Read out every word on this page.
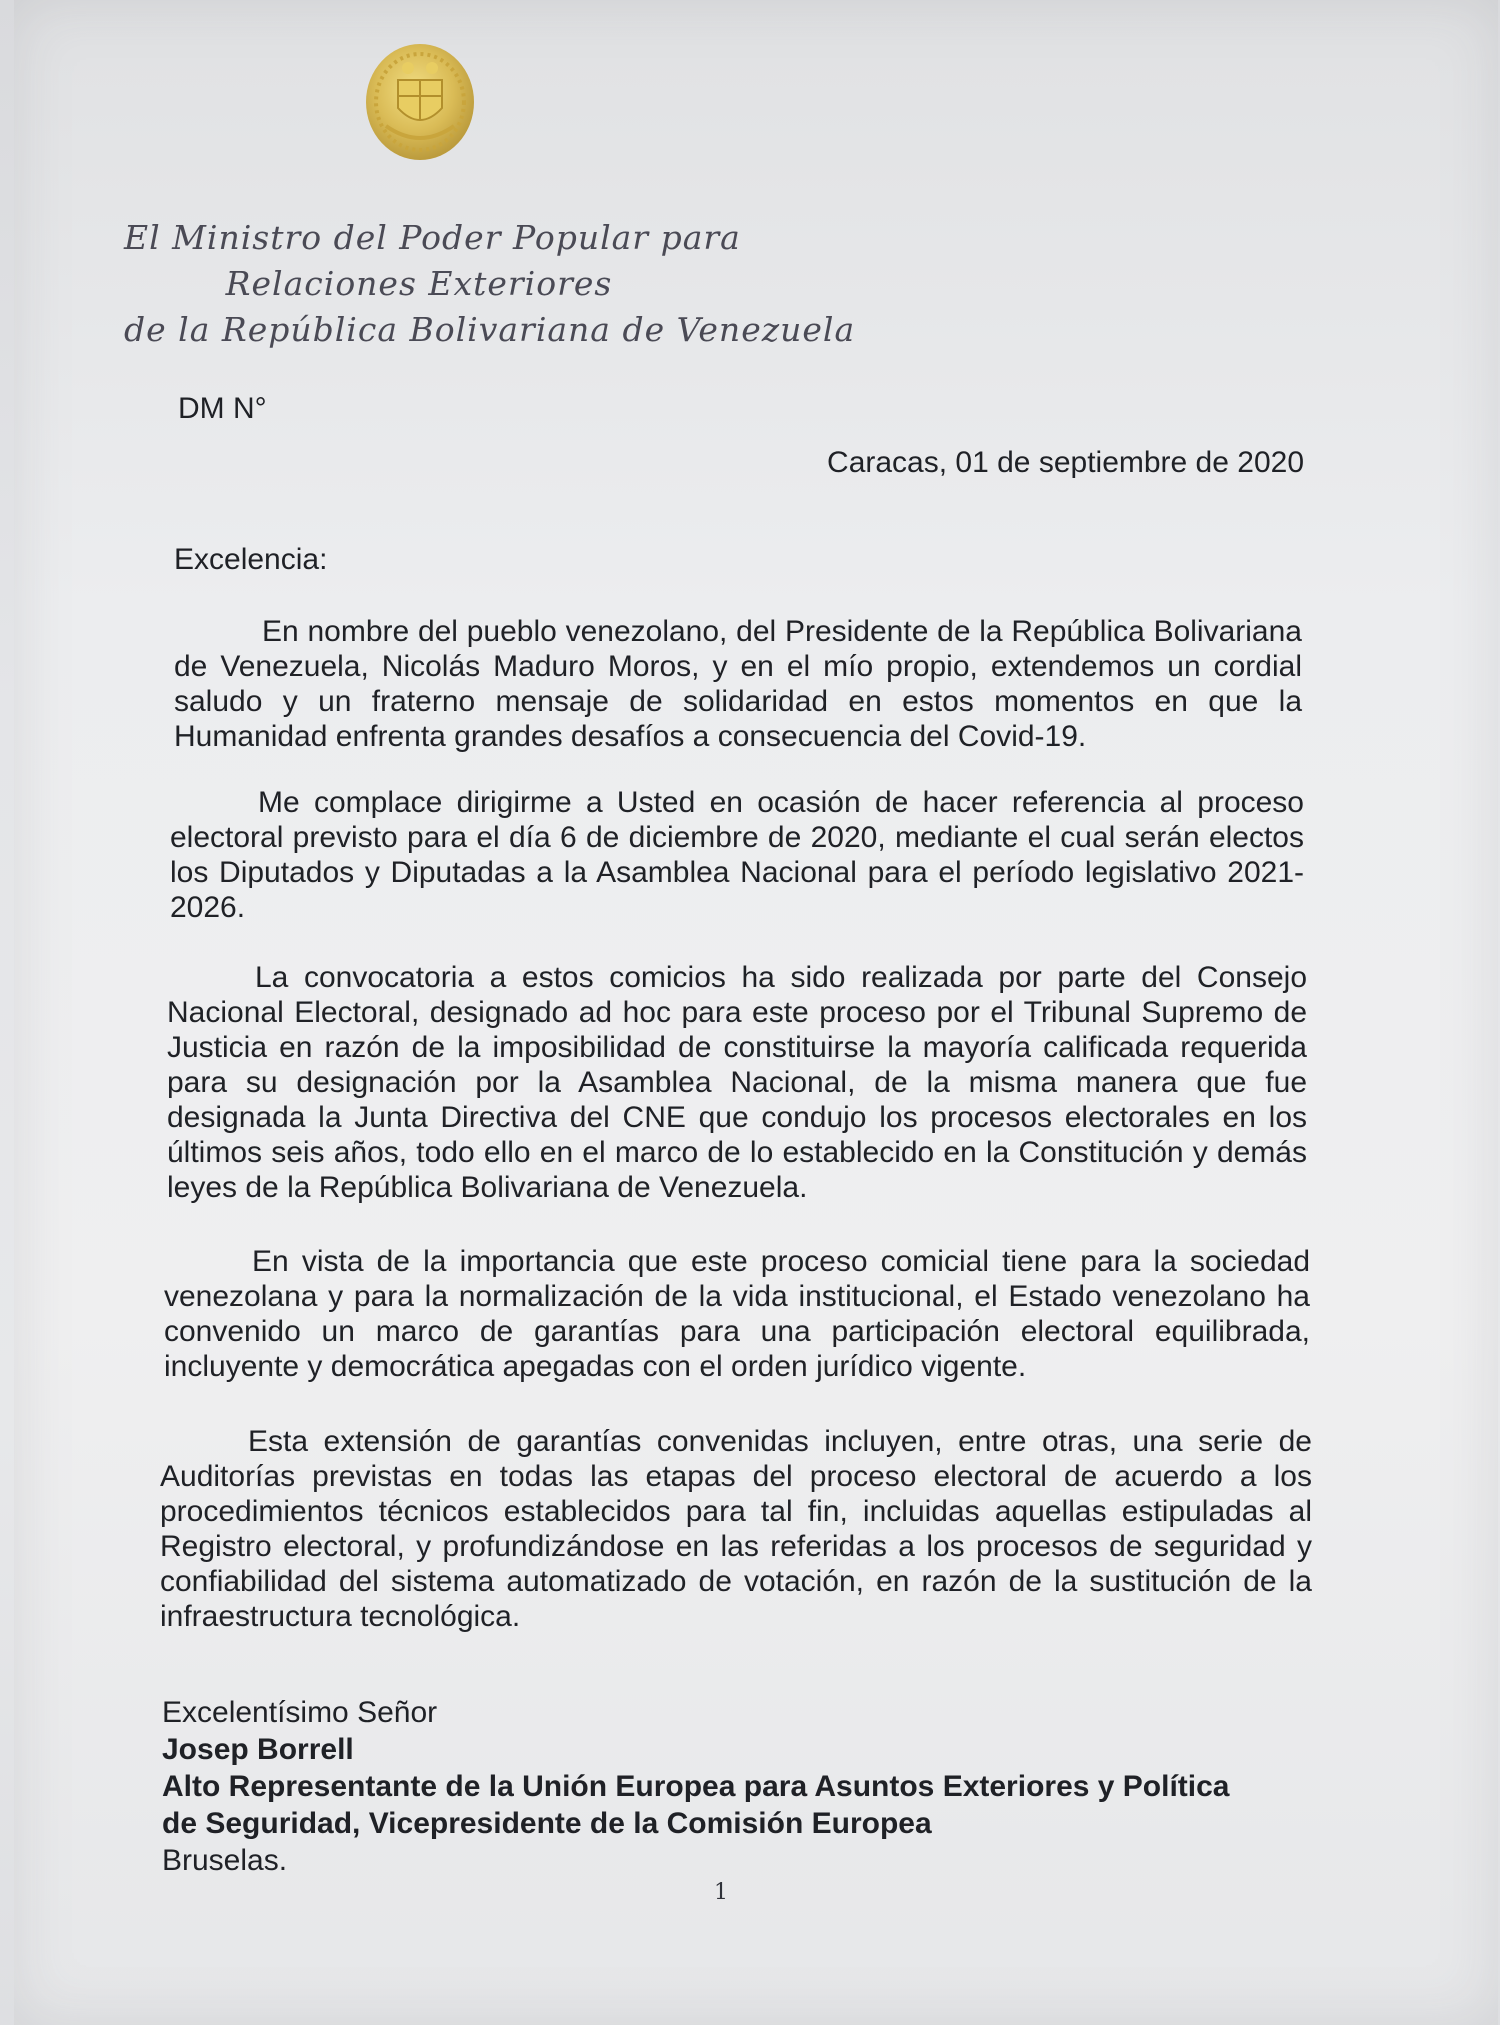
El Ministro del Poder Popular para
Relaciones Exteriores
de la República Bolivariana de Venezuela
DM N°
Caracas, 01 de septiembre de 2020
Excelencia:
En nombre del pueblo venezolano, del Presidente de la República Bolivariana de Venezuela, Nicolás Maduro Moros, y en el mío propio, extendemos un cordial saludo y un fraterno mensaje de solidaridad en estos momentos en que la Humanidad enfrenta grandes desafíos a consecuencia del Covid-19.
Me complace dirigirme a Usted en ocasión de hacer referencia al proceso electoral previsto para el día 6 de diciembre de 2020, mediante el cual serán electos los Diputados y Diputadas a la Asamblea Nacional para el período legislativo 2021-2026.
La convocatoria a estos comicios ha sido realizada por parte del Consejo Nacional Electoral, designado ad hoc para este proceso por el Tribunal Supremo de Justicia en razón de la imposibilidad de constituirse la mayoría calificada requerida para su designación por la Asamblea Nacional, de la misma manera que fue designada la Junta Directiva del CNE que condujo los procesos electorales en los últimos seis años, todo ello en el marco de lo establecido en la Constitución y demás leyes de la República Bolivariana de Venezuela.
En vista de la importancia que este proceso comicial tiene para la sociedad venezolana y para la normalización de la vida institucional, el Estado venezolano ha convenido un marco de garantías para una participación electoral equilibrada, incluyente y democrática apegadas con el orden jurídico vigente.
Esta extensión de garantías convenidas incluyen, entre otras, una serie de Auditorías previstas en todas las etapas del proceso electoral de acuerdo a los procedimientos técnicos establecidos para tal fin, incluidas aquellas estipuladas al Registro electoral, y profundizándose en las referidas a los procesos de seguridad y confiabilidad del sistema automatizado de votación, en razón de la sustitución de la infraestructura tecnológica.
Excelentísimo Señor
Josep Borrell
Alto Representante de la Unión Europea para Asuntos Exteriores y Política
de Seguridad, Vicepresidente de la Comisión Europea
Bruselas.
1
